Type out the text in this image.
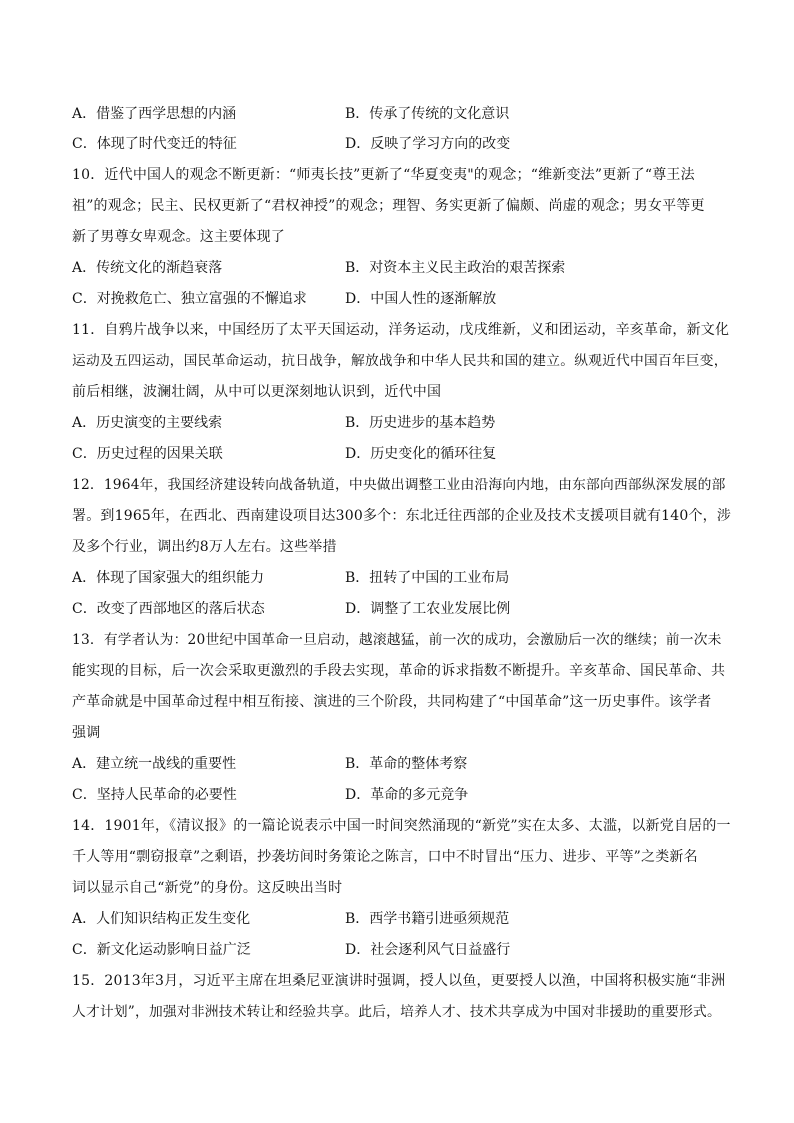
A．借鉴了西学思想的内涵	B．传承了传统的文化意识
C．体现了时代变迁的特征	D．反映了学习方向的改变
10．近代中国人的观念不断更新：“师夷长技”更新了“华夏变夷"的观念；“维新变法”更新了“尊王法
祖”的观念；民主、民权更新了“君权神授”的观念；理智、务实更新了偏颇、尚虚的观念；男女平等更
新了男尊女卑观念。这主要体现了
A．传统文化的渐趋衰落	B．对资本主义民主政治的艰苦探索
C．对挽救危亡、独立富强的不懈追求	D．中国人性的逐渐解放
11．自鸦片战争以来，中国经历了太平天国运动，洋务运动，戊戌维新，义和团运动，辛亥革命，新文化
运动及五四运动，国民革命运动，抗日战争，解放战争和中华人民共和国的建立。纵观近代中国百年巨变，
前后相继，波澜壮阔，从中可以更深刻地认识到，近代中国
A．历史演变的主要线索	B．历史进步的基本趋势
C．历史过程的因果关联	D．历史变化的循环往复
12．1964年，我国经济建设转向战备轨道，中央做出调整工业由沿海向内地，由东部向西部纵深发展的部
署。到1965年，在西北、西南建设项目达300多个：东北迁往西部的企业及技术支援项目就有140个，涉
及多个行业，调出约8万人左右。这些举措
A．体现了国家强大的组织能力	B．扭转了中国的工业布局
C．改变了西部地区的落后状态	D．调整了工农业发展比例
13．有学者认为：20世纪中国革命一旦启动，越滚越猛，前一次的成功，会激励后一次的继续；前一次未
能实现的目标，后一次会采取更激烈的手段去实现，革命的诉求指数不断提升。辛亥革命、国民革命、共
产革命就是中国革命过程中相互衔接、演进的三个阶段，共同构建了“中国革命”这一历史事件。该学者
强调
A．建立统一战线的重要性	B．革命的整体考察
C．坚持人民革命的必要性	D．革命的多元竞争
14．1901年，《清议报》的一篇论说表示中国一时间突然涌现的“新党”实在太多、太滥，以新党自居的一
千人等用“剽窃报章”之剩语，抄袭坊间时务策论之陈言，口中不时冒出“压力、进步、平等”之类新名
词以显示自己“新党”的身份。这反映出当时
A．人们知识结构正发生变化	B．西学书籍引进亟须规范
C．新文化运动影响日益广泛	D．社会逐利风气日益盛行
15．2013年3月，习近平主席在坦桑尼亚演讲时强调，授人以鱼，更要授人以渔，中国将积极实施“非洲
人才计划”，加强对非洲技术转让和经验共享。此后，培养人才、技术共享成为中国对非援助的重要形式。
